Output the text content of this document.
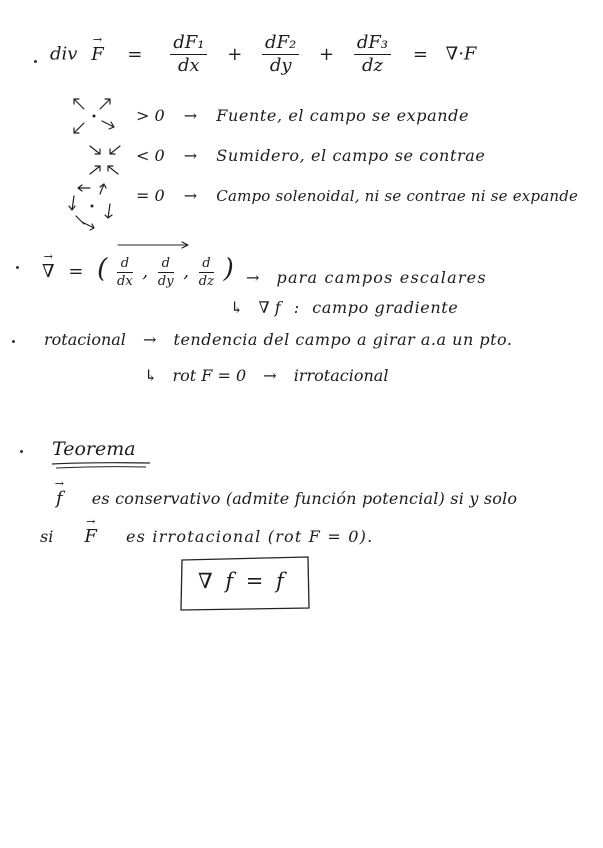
div → $F = \frac{\text{dF₁}}{dx} + \frac{\text{dF₂}}{dy} + \frac{\text{dF₃}}{dz} = \nabla\cdot F$
> 0 → Fuente, el campo se expande
< 0 → Sumidero, el campo se contrae
= 0 → Campo solenoidal, ni se contrae ni se expande
→ ∇ = ( $\frac{d}{dx}$ , $\frac{d}{dy}$ , $\frac{d}{dz}$ ) → para campos escalares
↳ ∇ f : campo gradiente
rotacional → tendencia del campo a girar a.a un pto.
↳ rot F = 0 → irrotacional
Teorema
→ f es conservativo (admite función potencial) si y solo
si → F es irrotacional (rot F = 0).
∇ f = f
